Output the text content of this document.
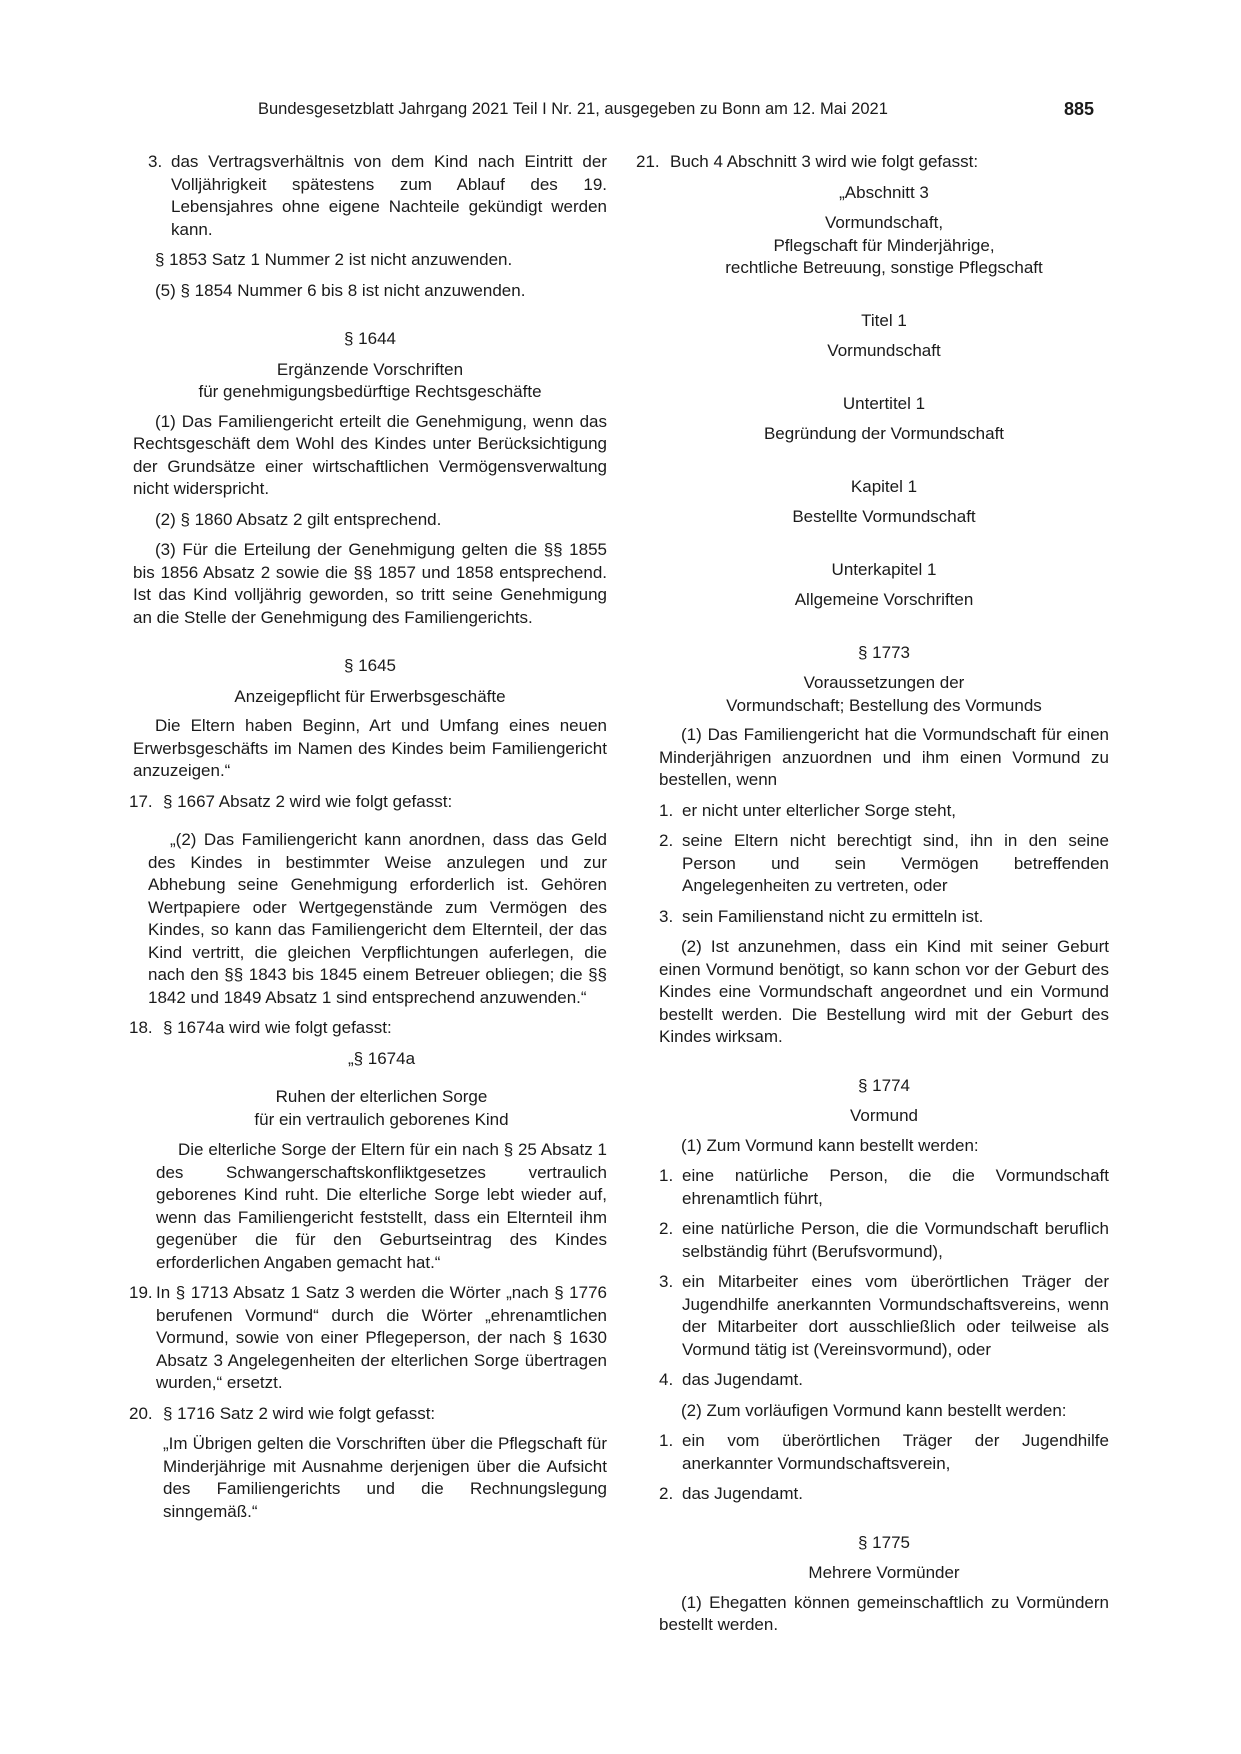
Bundesgesetzblatt Jahrgang 2021 Teil I Nr. 21, ausgegeben zu Bonn am 12. Mai 2021	885
3. das Vertragsverhältnis von dem Kind nach Eintritt der Volljährigkeit spätestens zum Ablauf des 19. Lebensjahres ohne eigene Nachteile gekündigt werden kann.

§ 1853 Satz 1 Nummer 2 ist nicht anzuwenden.

(5) § 1854 Nummer 6 bis 8 ist nicht anzuwenden.

§ 1644

Ergänzende Vorschriften

für genehmigungsbedürftige Rechtsgeschäfte

(1) Das Familiengericht erteilt die Genehmigung, wenn das Rechtsgeschäft dem Wohl des Kindes unter Berücksichtigung der Grundsätze einer wirtschaftlichen Vermögensverwaltung nicht widerspricht.

(2) § 1860 Absatz 2 gilt entsprechend.

(3) Für die Erteilung der Genehmigung gelten die §§ 1855 bis 1856 Absatz 2 sowie die §§ 1857 und 1858 entsprechend. Ist das Kind volljährig geworden, so tritt seine Genehmigung an die Stelle der Genehmigung des Familiengerichts.

§ 1645

Anzeigepflicht für Erwerbsgeschäfte

Die Eltern haben Beginn, Art und Umfang eines neuen Erwerbsgeschäfts im Namen des Kindes beim Familiengericht anzuzeigen.“

17. § 1667 Absatz 2 wird wie folgt gefasst:

„(2) Das Familiengericht kann anordnen, dass das Geld des Kindes in bestimmter Weise anzulegen und zur Abhebung seine Genehmigung erforderlich ist. Gehören Wertpapiere oder Wertgegenstände zum Vermögen des Kindes, so kann das Familiengericht dem Elternteil, der das Kind vertritt, die gleichen Verpflichtungen auferlegen, die nach den §§ 1843 bis 1845 einem Betreuer obliegen; die §§ 1842 und 1849 Absatz 1 sind entsprechend anzuwenden.“

18. § 1674a wird wie folgt gefasst:

„§ 1674a

Ruhen der elterlichen Sorge

für ein vertraulich geborenes Kind

Die elterliche Sorge der Eltern für ein nach § 25 Absatz 1 des Schwangerschaftskonfliktgesetzes vertraulich geborenes Kind ruht. Die elterliche Sorge lebt wieder auf, wenn das Familiengericht feststellt, dass ein Elternteil ihm gegenüber die für den Geburtseintrag des Kindes erforderlichen Angaben gemacht hat.“

19. In § 1713 Absatz 1 Satz 3 werden die Wörter „nach § 1776 berufenen Vormund“ durch die Wörter „ehrenamtlichen Vormund, sowie von einer Pflegeperson, der nach § 1630 Absatz 3 Angelegenheiten der elterlichen Sorge übertragen wurden,“ ersetzt.
20. § 1716 Satz 2 wird wie folgt gefasst:

„Im Übrigen gelten die Vorschriften über die Pflegschaft für Minderjährige mit Ausnahme derjenigen über die Aufsicht des Familiengerichts und die Rechnungslegung sinngemäß.“

21. Buch 4 Abschnitt 3 wird wie folgt gefasst:

„Abschnitt 3

Vormundschaft,

Pflegschaft für Minderjährige,

rechtliche Betreuung, sonstige Pflegschaft

Titel 1

Vormundschaft

Untertitel 1

Begründung der Vormundschaft

Kapitel 1

Bestellte Vormundschaft

Unterkapitel 1

Allgemeine Vorschriften

§ 1773

Voraussetzungen der

Vormundschaft; Bestellung des Vormunds

(1) Das Familiengericht hat die Vormundschaft für einen Minderjährigen anzuordnen und ihm einen Vormund zu bestellen, wenn

1. er nicht unter elterlicher Sorge steht,
2. seine Eltern nicht berechtigt sind, ihn in den seine Person und sein Vermögen betreffenden Angelegenheiten zu vertreten, oder
3. sein Familienstand nicht zu ermitteln ist.

(2) Ist anzunehmen, dass ein Kind mit seiner Geburt einen Vormund benötigt, so kann schon vor der Geburt des Kindes eine Vormundschaft angeordnet und ein Vormund bestellt werden. Die Bestellung wird mit der Geburt des Kindes wirksam.

§ 1774

Vormund

(1) Zum Vormund kann bestellt werden:

1. eine natürliche Person, die die Vormundschaft ehrenamtlich führt,
2. eine natürliche Person, die die Vormundschaft beruflich selbständig führt (Berufsvormund),
3. ein Mitarbeiter eines vom überörtlichen Träger der Jugendhilfe anerkannten Vormundschaftsvereins, wenn der Mitarbeiter dort ausschließlich oder teilweise als Vormund tätig ist (Vereinsvormund), oder
4. das Jugendamt.

(2) Zum vorläufigen Vormund kann bestellt werden:

1. ein vom überörtlichen Träger der Jugendhilfe anerkannter Vormundschaftsverein,
2. das Jugendamt.

§ 1775

Mehrere Vormünder

(1) Ehegatten können gemeinschaftlich zu Vormündern bestellt werden.
